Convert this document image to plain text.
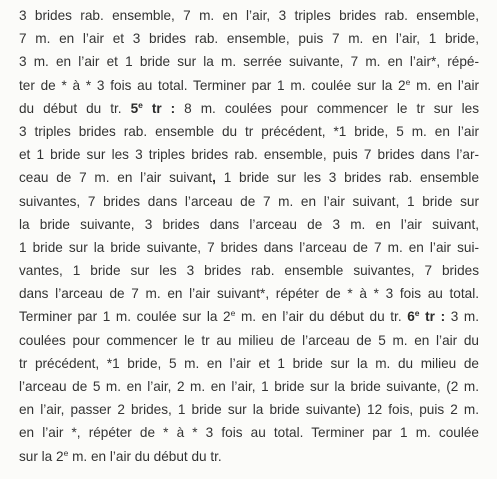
3 brides rab. ensemble, 7 m. en l’air, 3 triples brides rab. ensemble,
7 m. en l’air et 3 brides rab. ensemble, puis 7 m. en l’air, 1 bride,
3 m. en l’air et 1 bride sur la m. serrée suivante, 7 m. en l’air*, répé-
ter de * à * 3 fois au total. Terminer par 1 m. coulée sur la 2e m. en l’air
du début du tr. 5e tr : 8 m. coulées pour commencer le tr sur les
3 triples brides rab. ensemble du tr précédent, *1 bride, 5 m. en l’air
et 1 bride sur les 3 triples brides rab. ensemble, puis 7 brides dans l’ar-
ceau de 7 m. en l’air suivant, 1 bride sur les 3 brides rab. ensemble
suivantes, 7 brides dans l’arceau de 7 m. en l’air suivant, 1 bride sur
la bride suivante, 3 brides dans l’arceau de 3 m. en l’air suivant,
1 bride sur la bride suivante, 7 brides dans l’arceau de 7 m. en l’air sui-
vantes, 1 bride sur les 3 brides rab. ensemble suivantes, 7 brides
dans l’arceau de 7 m. en l’air suivant*, répéter de * à * 3 fois au total.
Terminer par 1 m. coulée sur la 2e m. en l’air du début du tr. 6e tr : 3 m.
coulées pour commencer le tr au milieu de l’arceau de 5 m. en l’air du
tr précédent, *1 bride, 5 m. en l’air et 1 bride sur la m. du milieu de
l’arceau de 5 m. en l’air, 2 m. en l’air, 1 bride sur la bride suivante, (2 m.
en l’air, passer 2 brides, 1 bride sur la bride suivante) 12 fois, puis 2 m.
en l’air *, répéter de * à * 3 fois au total. Terminer par 1 m. coulée
sur la 2e m. en l’air du début du tr.
